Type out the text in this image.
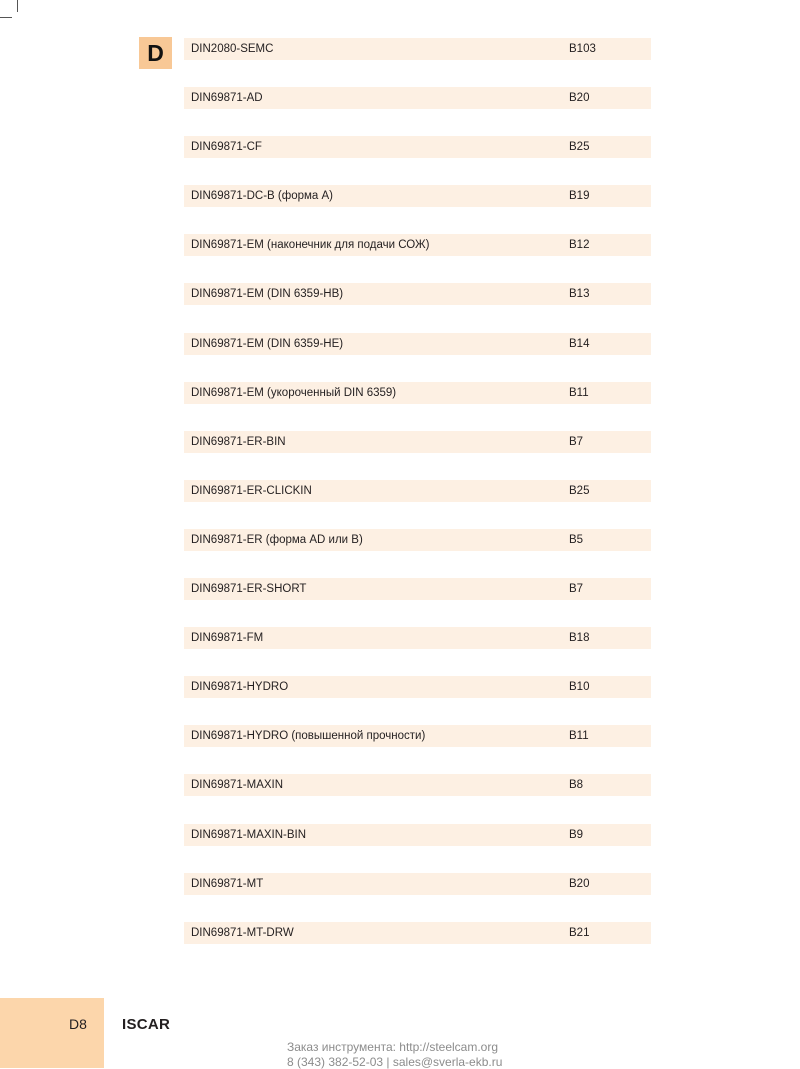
D	DIN2080-SEMC	B103
DIN69871-AD	B20
DIN69871-CF	B25
DIN69871-DC-B (форма A)	B19
DIN69871-EM (наконечник для подачи СОЖ)	B12
DIN69871-EM (DIN 6359-HB)	B13
DIN69871-EM (DIN 6359-HE)	B14
DIN69871-EM (укороченный DIN 6359)	B11
DIN69871-ER-BIN	B7
DIN69871-ER-CLICKIN	B25
DIN69871-ER (форма AD или B)	B5
DIN69871-ER-SHORT	B7
DIN69871-FM	B18
DIN69871-HYDRO	B10
DIN69871-HYDRO (повышенной прочности)	B11
DIN69871-MAXIN	B8
DIN69871-MAXIN-BIN	B9
DIN69871-MT	B20
DIN69871-MT-DRW	B21
D8 ISCAR
Заказ инструмента: http://steelcam.org
8 (343) 382-52-03 | sales@sverla-ekb.ru
